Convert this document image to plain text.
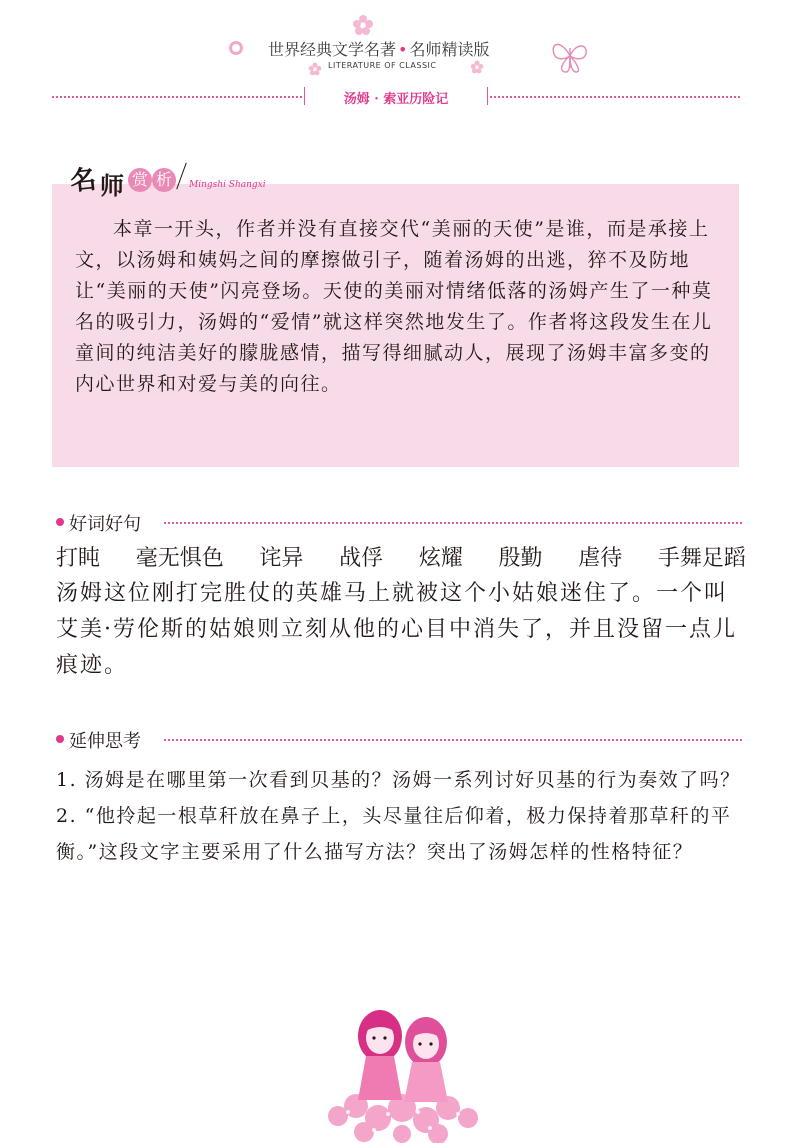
世界经典文学名著 • 名师精读版
LITERATURE OF CLASSIC
汤姆 · 索亚历险记
名 师 赏 析	Mingshi Shangxi

本章一开头，作者并没有直接交代“美丽的天使”是谁，而是承接上文，以汤姆和姨妈之间的摩擦做引子，随着汤姆的出逃，猝不及防地让“美丽的天使”闪亮登场。天使的美丽对情绪低落的汤姆产生了一种莫名的吸引力，汤姆的“爱情”就这样突然地发生了。作者将这段发生在儿童间的纯洁美好的朦胧感情，描写得细腻动人，展现了汤姆丰富多变的内心世界和对爱与美的向往。

好词好句
打盹 毫无惧色 诧异 战俘 炫耀 殷勤 虐待 手舞足蹈

汤姆这位刚打完胜仗的英雄马上就被这个小姑娘迷住了。一个叫艾美·劳伦斯的姑娘则立刻从他的心目中消失了，并且没留一点儿痕迹。

延伸思考

1. 汤姆是在哪里第一次看到贝基的？汤姆一系列讨好贝基的行为奏效了吗？

2. “他拎起一根草秆放在鼻子上，头尽量往后仰着，极力保持着那草秆的平衡。”这段文字主要采用了什么描写方法？突出了汤姆怎样的性格特征？
